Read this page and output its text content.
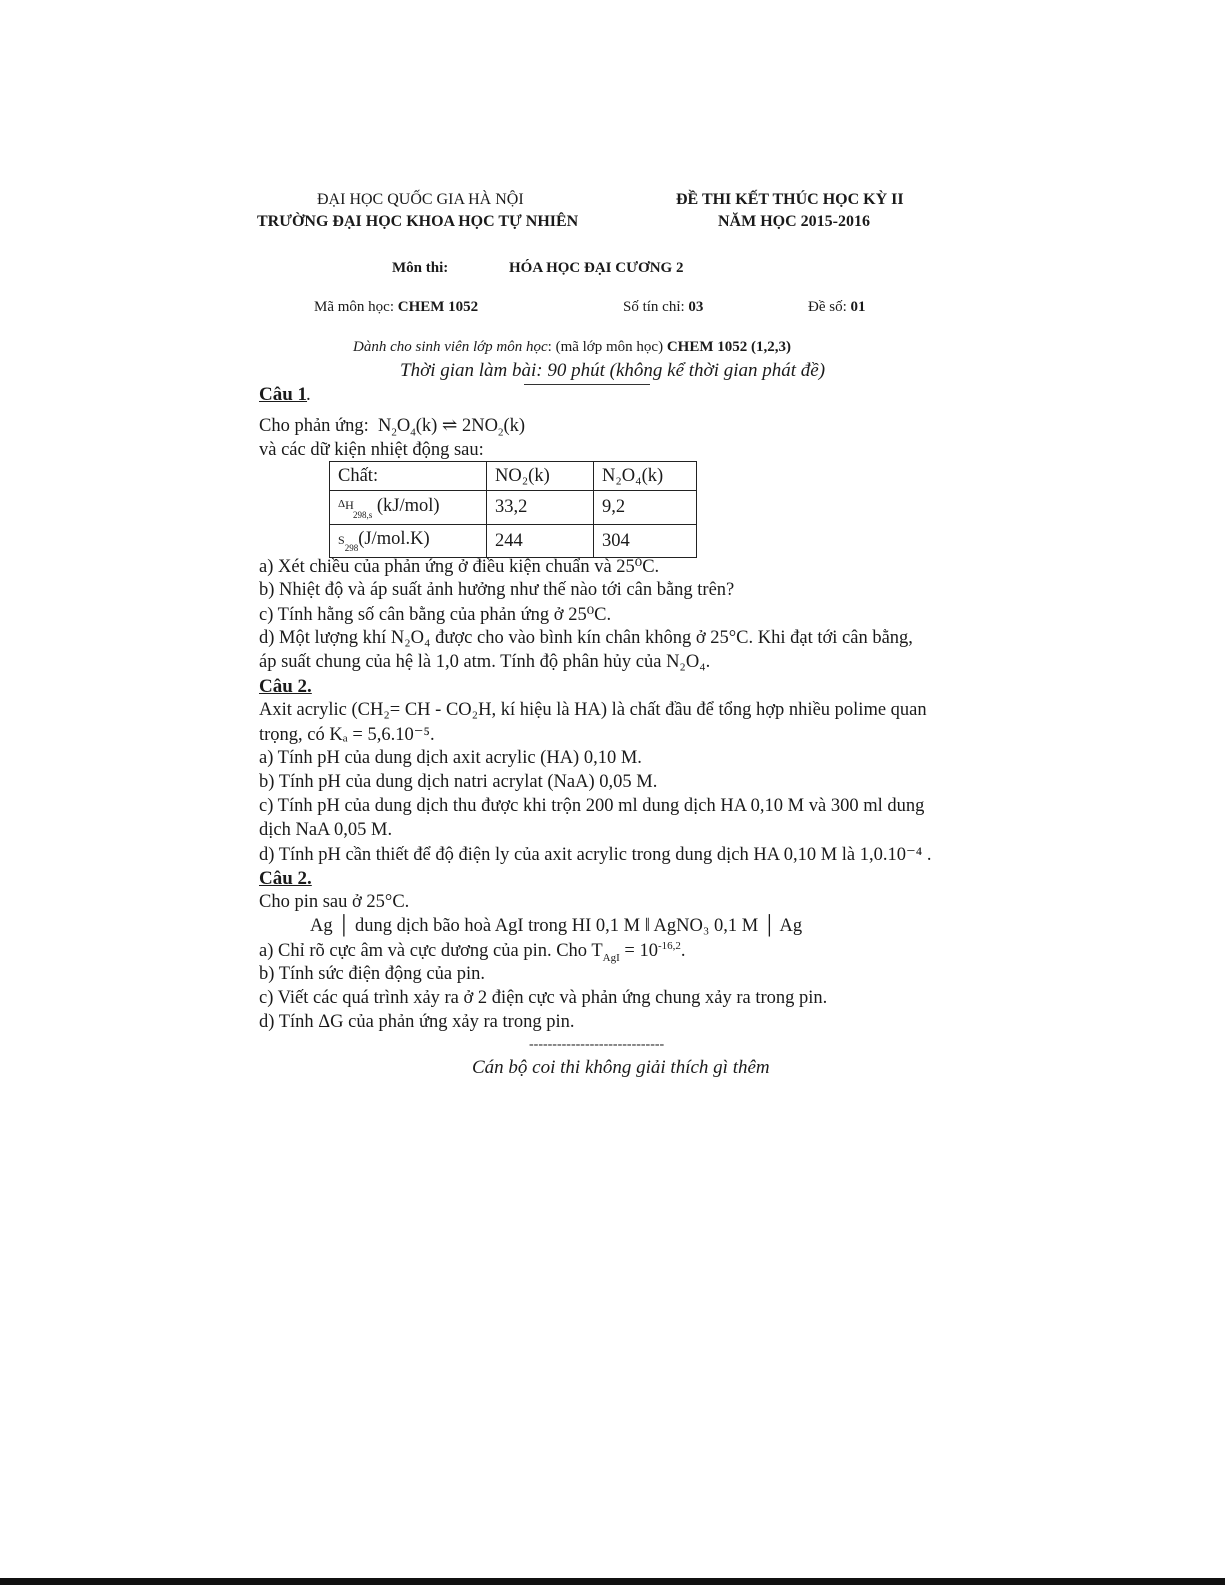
ĐẠI HỌC QUỐC GIA HÀ NỘI
TRƯỜNG ĐẠI HỌC KHOA HỌC TỰ NHIÊN
ĐỀ THI KẾT THÚC HỌC KỲ II
NĂM HỌC 2015-2016
Môn thi:	HÓA HỌC ĐẠI CƯƠNG 2
Mã môn học: CHEM 1052	Số tín chỉ: 03	Đề số: 01
Dành cho sinh viên lớp môn học: (mã lớp môn học) CHEM 1052 (1,2,3)
Thời gian làm bài: 90 phút (không kể thời gian phát đề)
Câu 1
.
Cho phản ứng:  $N_2O_4(k)$ ⇌ $2NO_2(k)$
và các dữ kiện nhiệt động sau:
Chất:	NO₂(k)	N₂O₄(k)
$^\Delta$H $_{298,s}$ (kJ/mol)	33,2	9,2
$S_{298}(J/mol.K)$	244	304
a) Xét chiều của phản ứng ở điều kiện chuẩn và 25⁰C.
b) Nhiệt độ và áp suất ảnh hưởng như thế nào tới cân bằng trên?
c) Tính hằng số cân bằng của phản ứng ở 25⁰C.
d) Một lượng khí N₂O₄ được cho vào bình kín chân không ở 25°C. Khi đạt tới cân bằng,
áp suất chung của hệ là 1,0 atm. Tính độ phân hủy của N₂O₄.
Câu 2.
Axit acrylic (CH₂= CH - CO₂H, kí hiệu là HA) là chất đầu để tổng hợp nhiều polime quan
trọng, có Kₐ = 5,6.10⁻⁵.
a) Tính pH của dung dịch axit acrylic (HA) 0,10 M.
b) Tính pH của dung dịch natri acrylat (NaA) 0,05 M.
c) Tính pH của dung dịch thu được khi trộn 200 ml dung dịch HA 0,10 M và 300 ml dung
dịch NaA 0,05 M.
d) Tính pH cần thiết để độ điện ly của axit acrylic trong dung dịch HA 0,10 M là 1,0.10⁻⁴ .
Câu 2.
Cho pin sau ở 25°C.
Ag │ dung dịch bão hoà AgI trong HI 0,1 M ‖ AgNO₃ 0,1 M │ Ag
a) Chỉ rõ cực âm và cực dương của pin. Cho $T_{AgI} = 10^{-16,2}$.
b) Tính sức điện động của pin.
c) Viết các quá trình xảy ra ở 2 điện cực và phản ứng chung xảy ra trong pin.
d) Tính ΔG của phản ứng xảy ra trong pin.
-----------------------------
Cán bộ coi thi không giải thích gì thêm
